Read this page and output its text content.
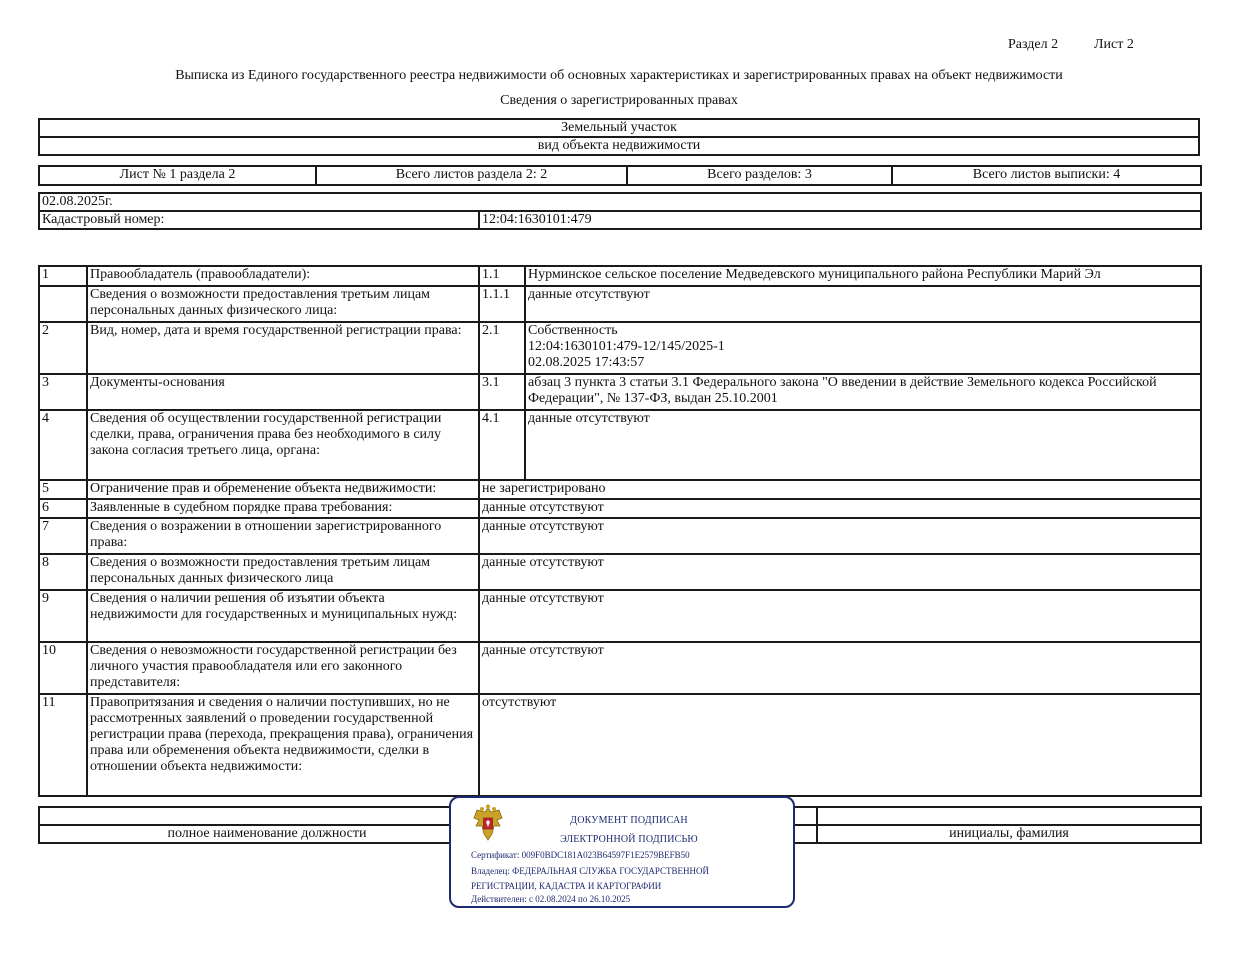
Раздел 2	Лист 2
Выписка из Единого государственного реестра недвижимости об основных характеристиках и зарегистрированных правах на объект недвижимости
Сведения о зарегистрированных правах
Земельный участок
вид объекта недвижимости
Лист № 1 раздела 2	Всего листов раздела 2: 2	Всего разделов: 3	Всего листов выписки: 4
02.08.2025г.
Кадастровый номер:	12:04:1630101:479
1	Правообладатель (правообладатели):	1.1	Нурминское сельское поселение Медведевского муниципального района Республики Марий Эл
	Сведения о возможности предоставления третьим лицам персональных данных физического лица:	1.1.1	данные отсутствуют
2	Вид, номер, дата и время государственной регистрации права:	2.1	Собственность
12:04:1630101:479-12/145/2025-1
02.08.2025 17:43:57

3	Документы-основания	3.1	абзац 3 пункта 3 статьи 3.1 Федерального закона "О введении в действие Земельного кодекса Российской Федерации", № 137-ФЗ, выдан 25.10.2001
4	Сведения об осуществлении государственной регистрации сделки, права, ограничения права без необходимого в силу закона согласия третьего лица, органа:	4.1	данные отсутствуют
5	Ограничение прав и обременение объекта недвижимости:	не зарегистрировано	
6	Заявленные в судебном порядке права требования:	данные отсутствуют	
7	Сведения о возражении в отношении зарегистрированного права:	данные отсутствуют	
8	Сведения о возможности предоставления третьим лицам персональных данных физического лица	данные отсутствуют	
9	Сведения о наличии решения об изъятии объекта недвижимости для государственных и муниципальных нужд:	данные отсутствуют	
10	Сведения о невозможности государственной регистрации без личного участия правообладателя или его законного представителя:	данные отсутствуют	
11	Правопритязания и сведения о наличии поступивших, но не рассмотренных заявлений о проведении государственной регистрации права (перехода, прекращения права), ограничения права или обременения объекта недвижимости, сделки в отношении объекта недвижимости:	отсутствуют	

полное наименование должности		инициалы, фамилия
ДОКУМЕНТ ПОДПИСАН
ЭЛЕКТРОННОЙ ПОДПИСЬЮ
Сертификат: 009F0BDC181A023B64597F1E2579BEFB50
Владелец: ФЕДЕРАЛЬНАЯ СЛУЖБА ГОСУДАРСТВЕННОЙ
РЕГИСТРАЦИИ, КАДАСТРА И КАРТОГРАФИИ
Действителен: с 02.08.2024 по 26.10.2025
